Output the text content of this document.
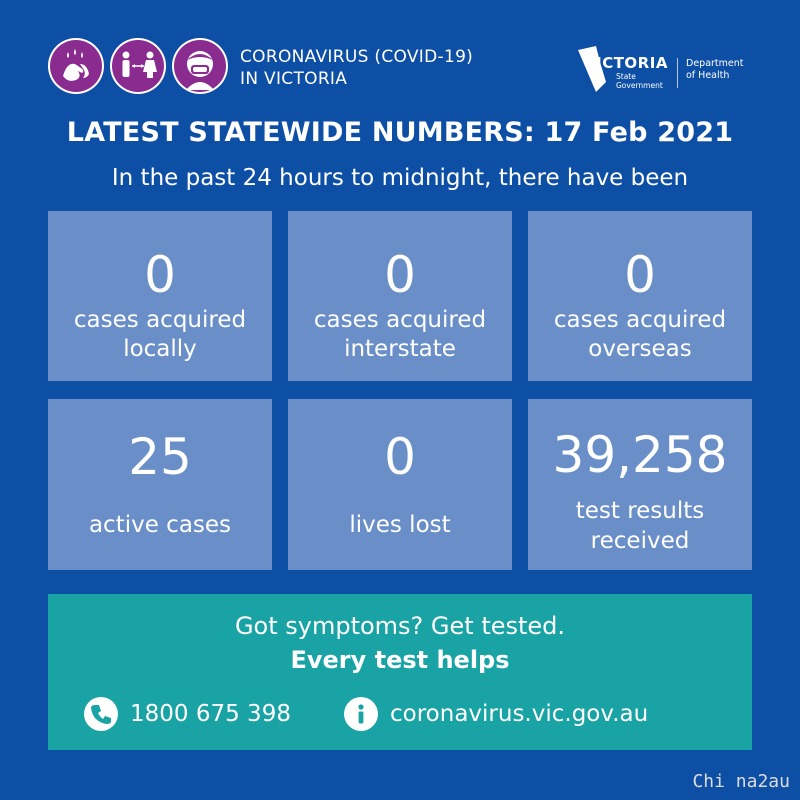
CORONAVIRUS (COVID-19)
IN VICTORIA
VICTORIA
State
Government
Department
of Health
LATEST STATEWIDE NUMBERS: 17 Feb 2021
In the past 24 hours to midnight, there have been
0
cases acquired
locally
0
cases acquired
interstate
0
cases acquired
overseas
25
active cases
0
lives lost
39,258
test results
received
Got symptoms? Get tested.
Every test helps
1800 675 398	coronavirus.vic.gov.au
Chi na2au
